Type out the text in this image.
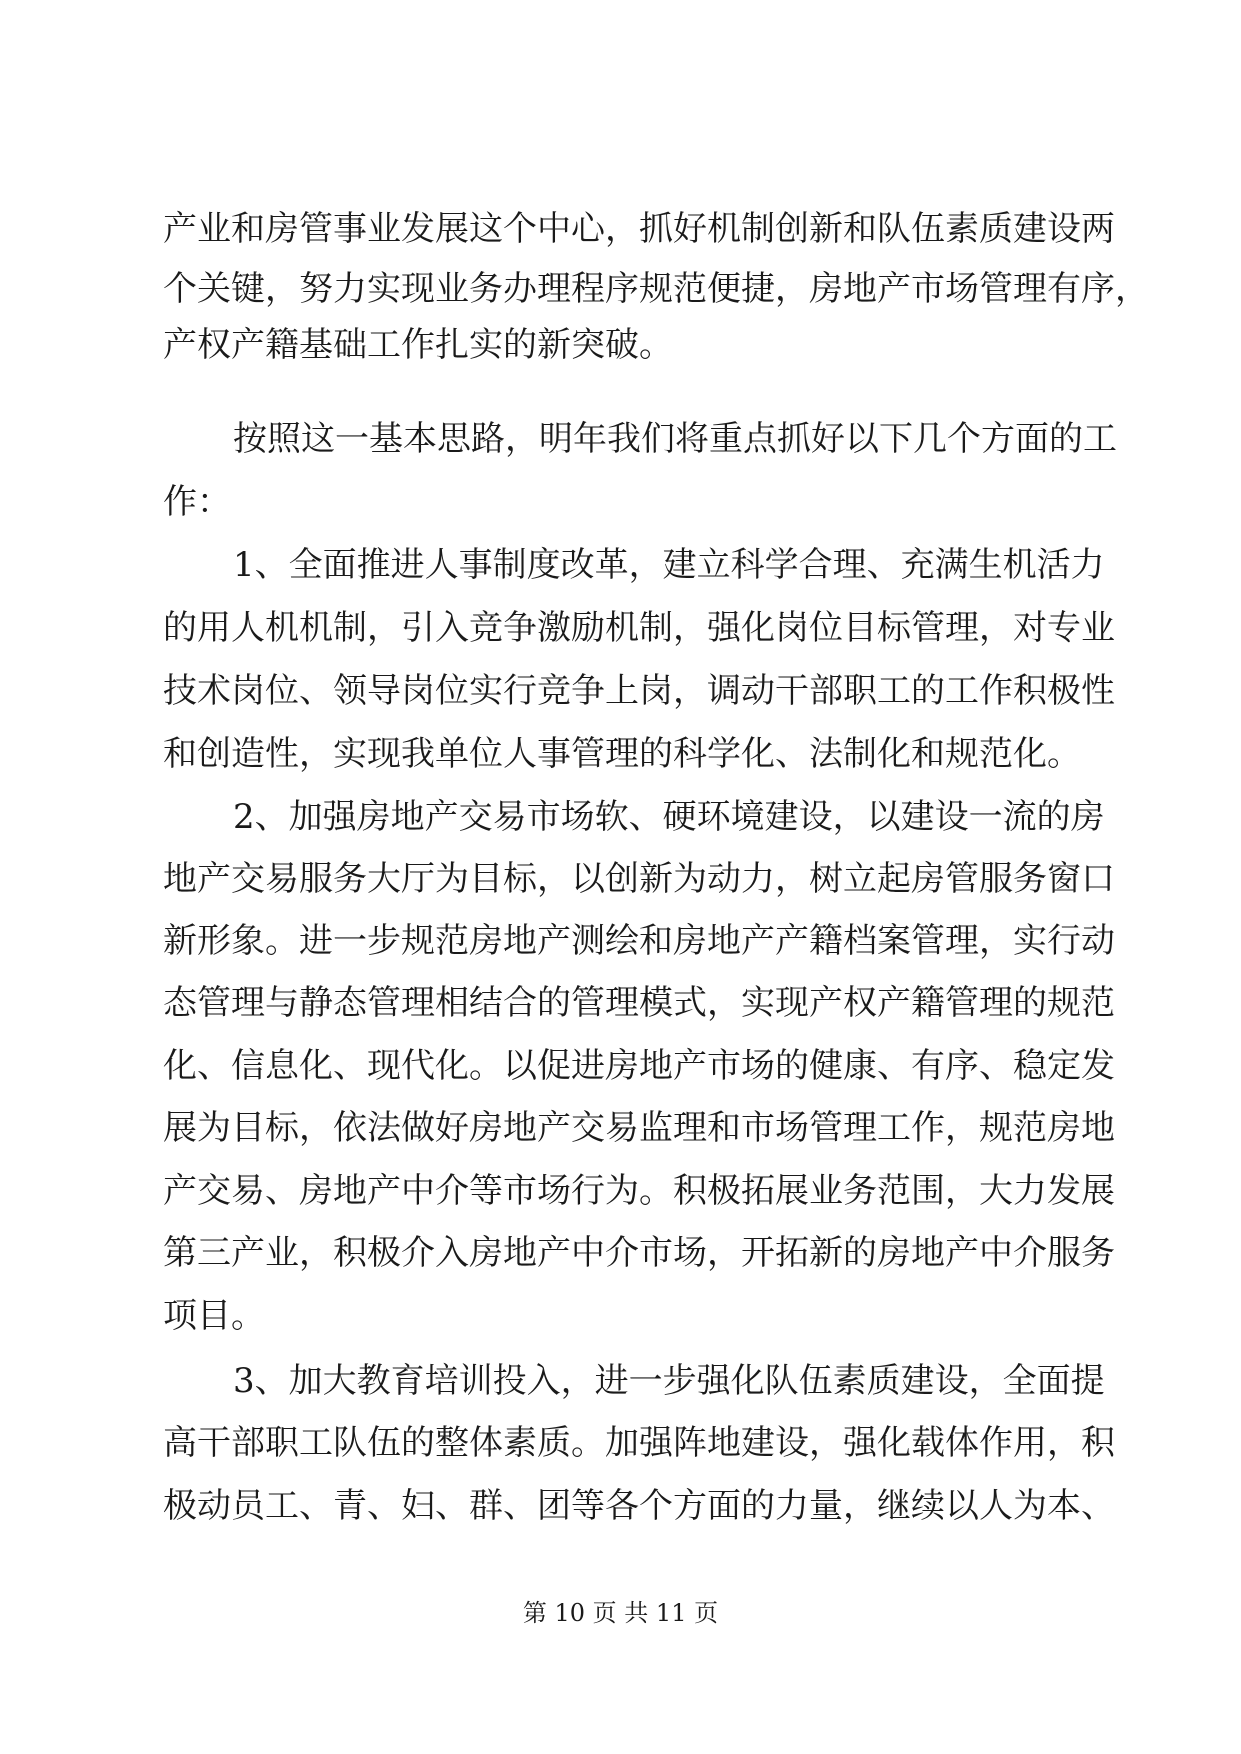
产业和房管事业发展这个中心，抓好机制创新和队伍素质建设两
个关键，努力实现业务办理程序规范便捷，房地产市场管理有序，
产权产籍基础工作扎实的新突破。
按照这一基本思路，明年我们将重点抓好以下几个方面的工
作：
1、全面推进人事制度改革，建立科学合理、充满生机活力
的用人机机制，引入竞争激励机制，强化岗位目标管理，对专业
技术岗位、领导岗位实行竞争上岗，调动干部职工的工作积极性
和创造性，实现我单位人事管理的科学化、法制化和规范化。
2、加强房地产交易市场软、硬环境建设，以建设一流的房
地产交易服务大厅为目标，以创新为动力，树立起房管服务窗口
新形象。进一步规范房地产测绘和房地产产籍档案管理，实行动
态管理与静态管理相结合的管理模式，实现产权产籍管理的规范
化、信息化、现代化。以促进房地产市场的健康、有序、稳定发
展为目标，依法做好房地产交易监理和市场管理工作，规范房地
产交易、房地产中介等市场行为。积极拓展业务范围，大力发展
第三产业，积极介入房地产中介市场，开拓新的房地产中介服务
项目。
3、加大教育培训投入，进一步强化队伍素质建设，全面提
高干部职工队伍的整体素质。加强阵地建设，强化载体作用，积
极动员工、青、妇、群、团等各个方面的力量，继续以人为本、
第 10 页 共 11 页
